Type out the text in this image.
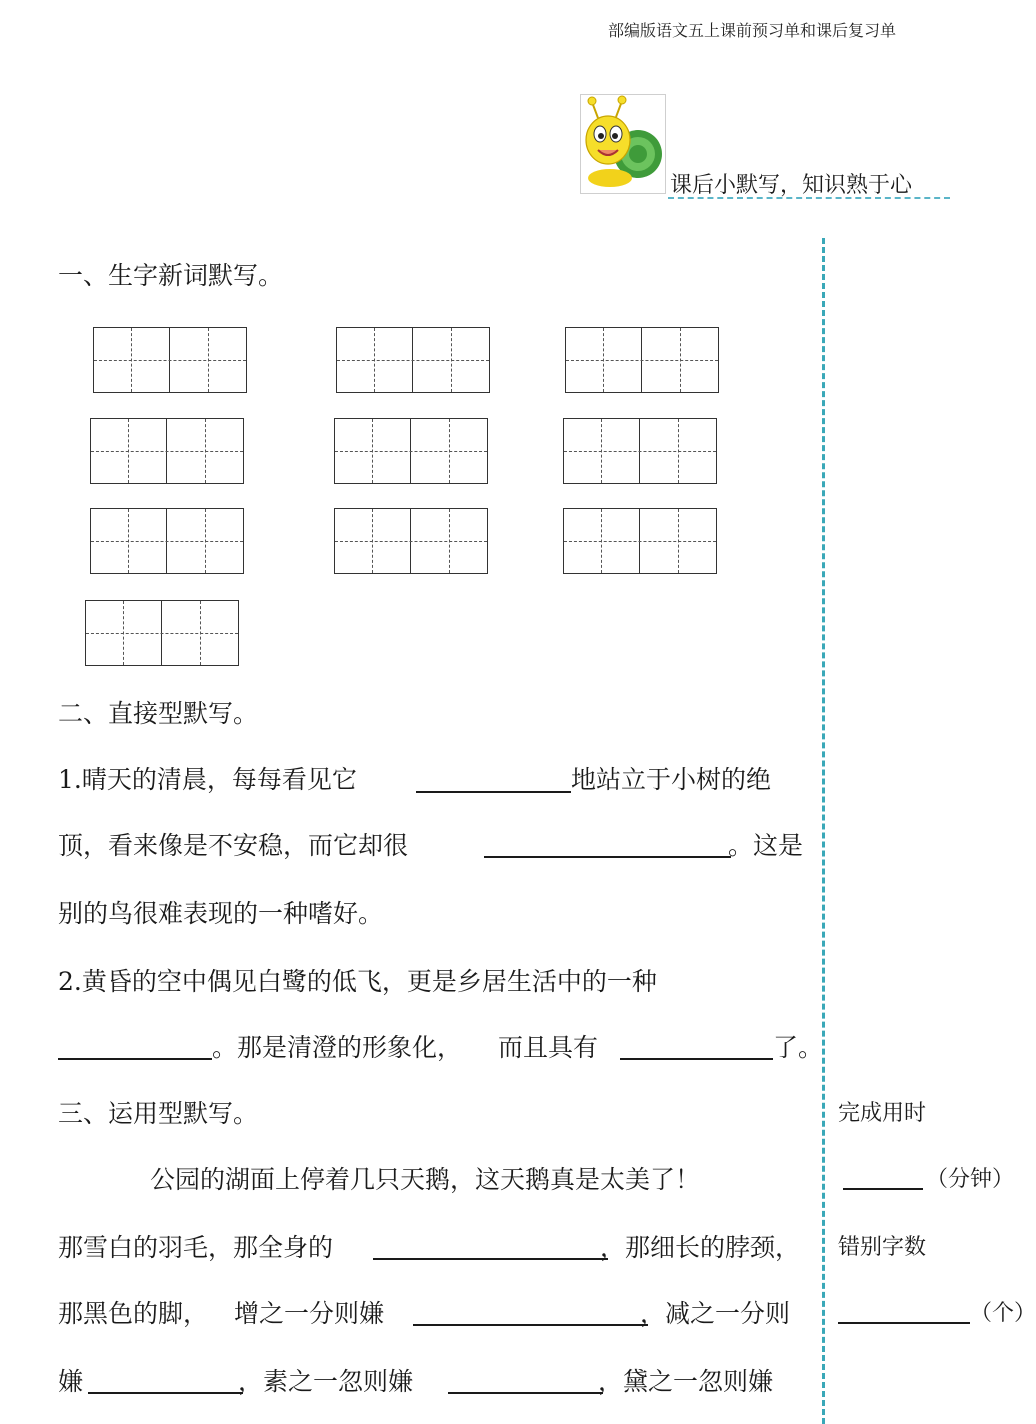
部编版语文五上课前预习单和课后复习单
课后小默写，知识熟于心
一、生字新词默写。
二、直接型默写。
1.晴天的清晨，每每看见它	地站立于小树的绝
顶，看来像是不安稳，而它却很	。这是
别的鸟很难表现的一种嗜好。
2.黄昏的空中偶见白鹭的低飞，更是乡居生活中的一种
。那是清澄的形象化， 而且具有	了。
三、运用型默写。
公园的湖面上停着几只天鹅，这天鹅真是太美了！
那雪白的羽毛，那全身的	，那细长的脖颈，
那黑色的脚， 增之一分则嫌	，减之一分则
嫌	，素之一忽则嫌	，黛之一忽则嫌
完成用时
（分钟）
错别字数
（个）
